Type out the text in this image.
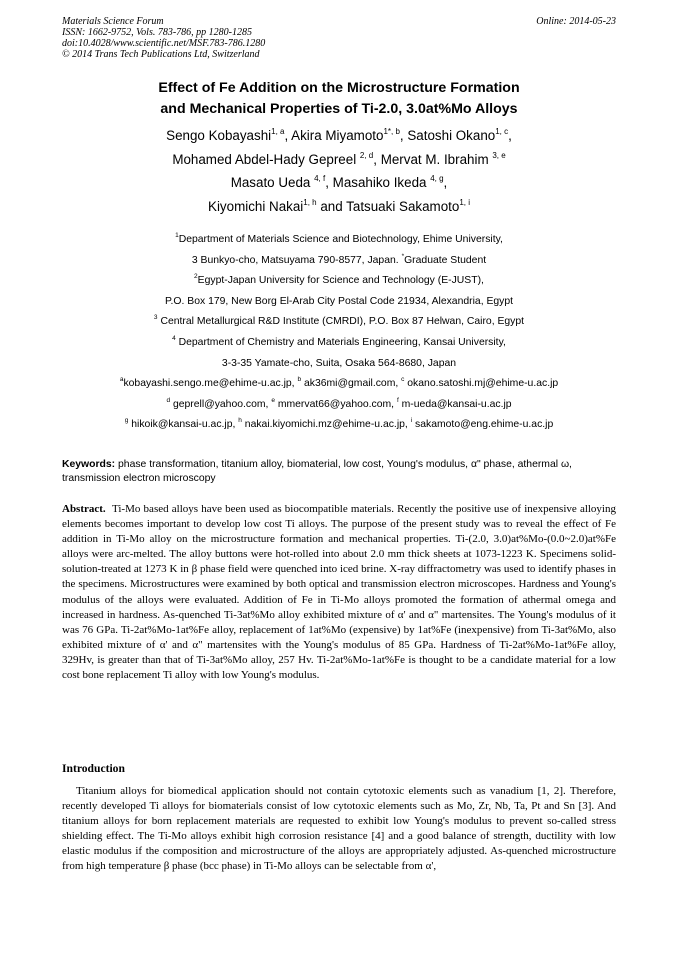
Materials Science Forum
ISSN: 1662-9752, Vols. 783-786, pp 1280-1285
doi:10.4028/www.scientific.net/MSF.783-786.1280
© 2014 Trans Tech Publications Ltd, Switzerland
Online: 2014-05-23
Effect of Fe Addition on the Microstructure Formation
and Mechanical Properties of Ti-2.0, 3.0at%Mo Alloys
Sengo Kobayashi$^{1, a}$, Akira Miyamoto$^{1*, b}$, Satoshi Okano$^{1, c}$,
Mohamed Abdel-Hady Gepreel $^{2, d}$, Mervat M. Ibrahim $^{3, e}$
Masato Ueda $^{4, f}$, Masahiko Ikeda $^{4, g}$,
Kiyomichi Nakai$^{1, h}$ and Tatsuaki Sakamoto$^{1, i}$
$^1$Department of Materials Science and Biotechnology, Ehime University,
3 Bunkyo-cho, Matsuyama 790-8577, Japan. *Graduate Student
$^2$Egypt-Japan University for Science and Technology (E-JUST),
P.O. Box 179, New Borg El-Arab City Postal Code 21934, Alexandria, Egypt
$^3$ Central Metallurgical R&D Institute (CMRDI), P.O. Box 87 Helwan, Cairo, Egypt
$^4$ Department of Chemistry and Materials Engineering, Kansai University,
3-3-35 Yamate-cho, Suita, Osaka 564-8680, Japan
$^a$kobayashi.sengo.me@ehime-u.ac.jp, $^b$ ak36mi@gmail.com, $^c$ okano.satoshi.mj@ehime-u.ac.jp
$^d$ geprell@yahoo.com, $^e$ mmervat66@yahoo.com, $^f$ m-ueda@kansai-u.ac.jp
$^g$ hikoik@kansai-u.ac.jp, $^h$ nakai.kiyomichi.mz@ehime-u.ac.jp, $^i$ sakamoto@eng.ehime-u.ac.jp
Keywords: phase transformation, titanium alloy, biomaterial, low cost, Young's modulus, α" phase, athermal ω, transmission electron microscopy
Abstract. Ti-Mo based alloys have been used as biocompatible materials. Recently the positive use of inexpensive alloying elements becomes important to develop low cost Ti alloys. The purpose of the present study was to reveal the effect of Fe addition in Ti-Mo alloy on the microstructure formation and mechanical properties. Ti-(2.0, 3.0)at%Mo-(0.0~2.0)at%Fe alloys were arc-melted. The alloy buttons were hot-rolled into about 2.0 mm thick sheets at 1073-1223 K. Specimens solid-solution-treated at 1273 K in β phase field were quenched into iced brine. X-ray diffractometry was used to identify phases in the specimens. Microstructures were examined by both optical and transmission electron microscopes. Hardness and Young's modulus of the alloys were evaluated. Addition of Fe in Ti-Mo alloys promoted the formation of athermal omega and increased in hardness. As-quenched Ti-3at%Mo alloy exhibited mixture of α' and α" martensites. The Young's modulus of it was 76 GPa. Ti-2at%Mo-1at%Fe alloy, replacement of 1at%Mo (expensive) by 1at%Fe (inexpensive) from Ti-3at%Mo, also exhibited mixture of α' and α" martensites with the Young's modulus of 85 GPa. Hardness of Ti-2at%Mo-1at%Fe alloy, 329Hv, is greater than that of Ti-3at%Mo alloy, 257 Hv. Ti-2at%Mo-1at%Fe is thought to be a candidate material for a low cost bone replacement Ti alloy with low Young's modulus.
Introduction
Titanium alloys for biomedical application should not contain cytotoxic elements such as vanadium [1, 2]. Therefore, recently developed Ti alloys for biomaterials consist of low cytotoxic elements such as Mo, Zr, Nb, Ta, Pt and Sn [3]. And titanium alloys for born replacement materials are requested to exhibit low Young's modulus to prevent so-called stress shielding effect. The Ti-Mo alloys exhibit high corrosion resistance [4] and a good balance of strength, ductility with low elastic modulus if the composition and microstructure of the alloys are appropriately adjusted. As-quenched microstructure from high temperature β phase (bcc phase) in Ti-Mo alloys can be selectable from α',
